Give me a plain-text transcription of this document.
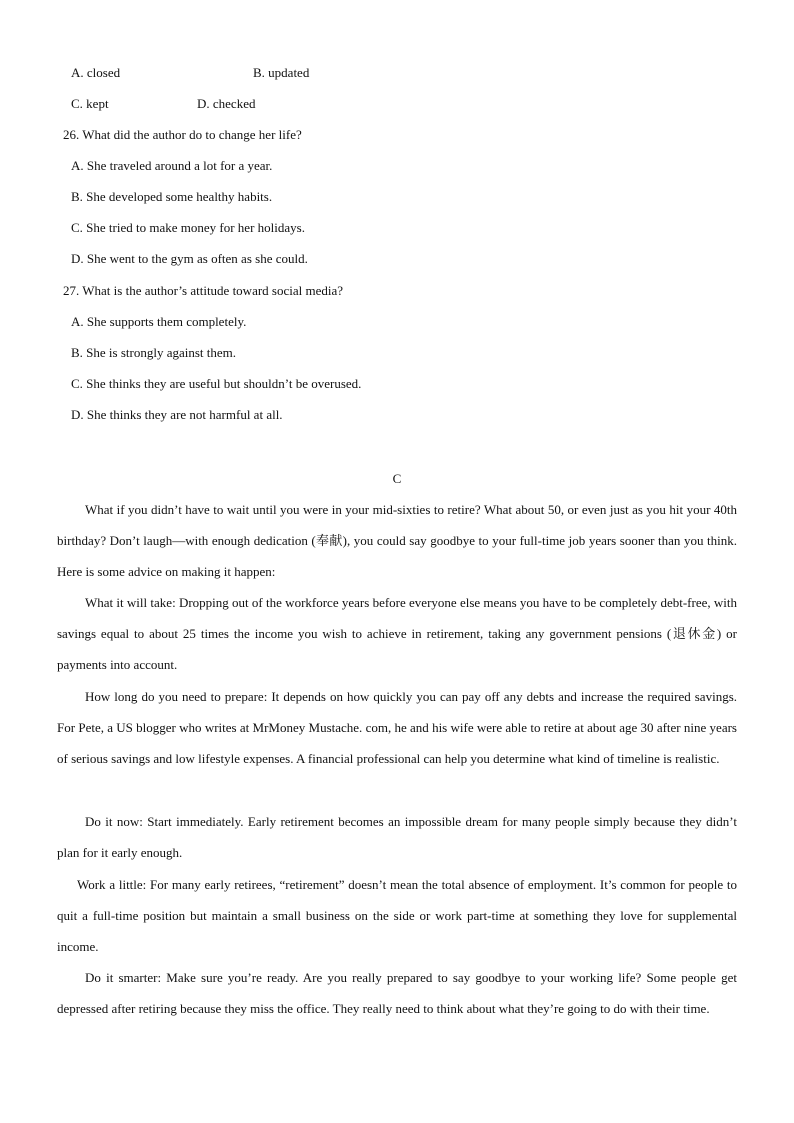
A. closed	B. updated
C. kept	D. checked
26. What did the author do to change her life?
A. She traveled around a lot for a year.
B. She developed some healthy habits.
C. She tried to make money for her holidays.
D. She went to the gym as often as she could.
27. What is the author’s attitude toward social media?
A. She supports them completely.
B. She is strongly against them.
C. She thinks they are useful but shouldn’t be overused.
D. She thinks they are not harmful at all.
C

What if you didn’t have to wait until you were in your mid-sixties to retire? What about 50, or even just as you hit your 40th birthday? Don’t laugh—with enough dedication (奉献), you could say goodbye to your full-time job years sooner than you think. Here is some advice on making it happen:

What it will take: Dropping out of the workforce years before everyone else means you have to be completely debt-free, with savings equal to about 25 times the income you wish to achieve in retirement, taking any government pensions (退休金) or payments into account.

How long do you need to prepare: It depends on how quickly you can pay off any debts and increase the required savings. For Pete, a US blogger who writes at MrMoney Mustache. com, he and his wife were able to retire at about age 30 after nine years of serious savings and low lifestyle expenses. A financial professional can help you determine what kind of timeline is realistic.

Do it now: Start immediately. Early retirement becomes an impossible dream for many people simply because they didn’t plan for it early enough.

Work a little: For many early retirees, “retirement” doesn’t mean the total absence of employment. It’s common for people to quit a full-time position but maintain a small business on the side or work part-time at something they love for supplemental income.

Do it smarter: Make sure you’re ready. Are you really prepared to say goodbye to your working life? Some people get depressed after retiring because they miss the office. They really need to think about what they’re going to do with their time.
